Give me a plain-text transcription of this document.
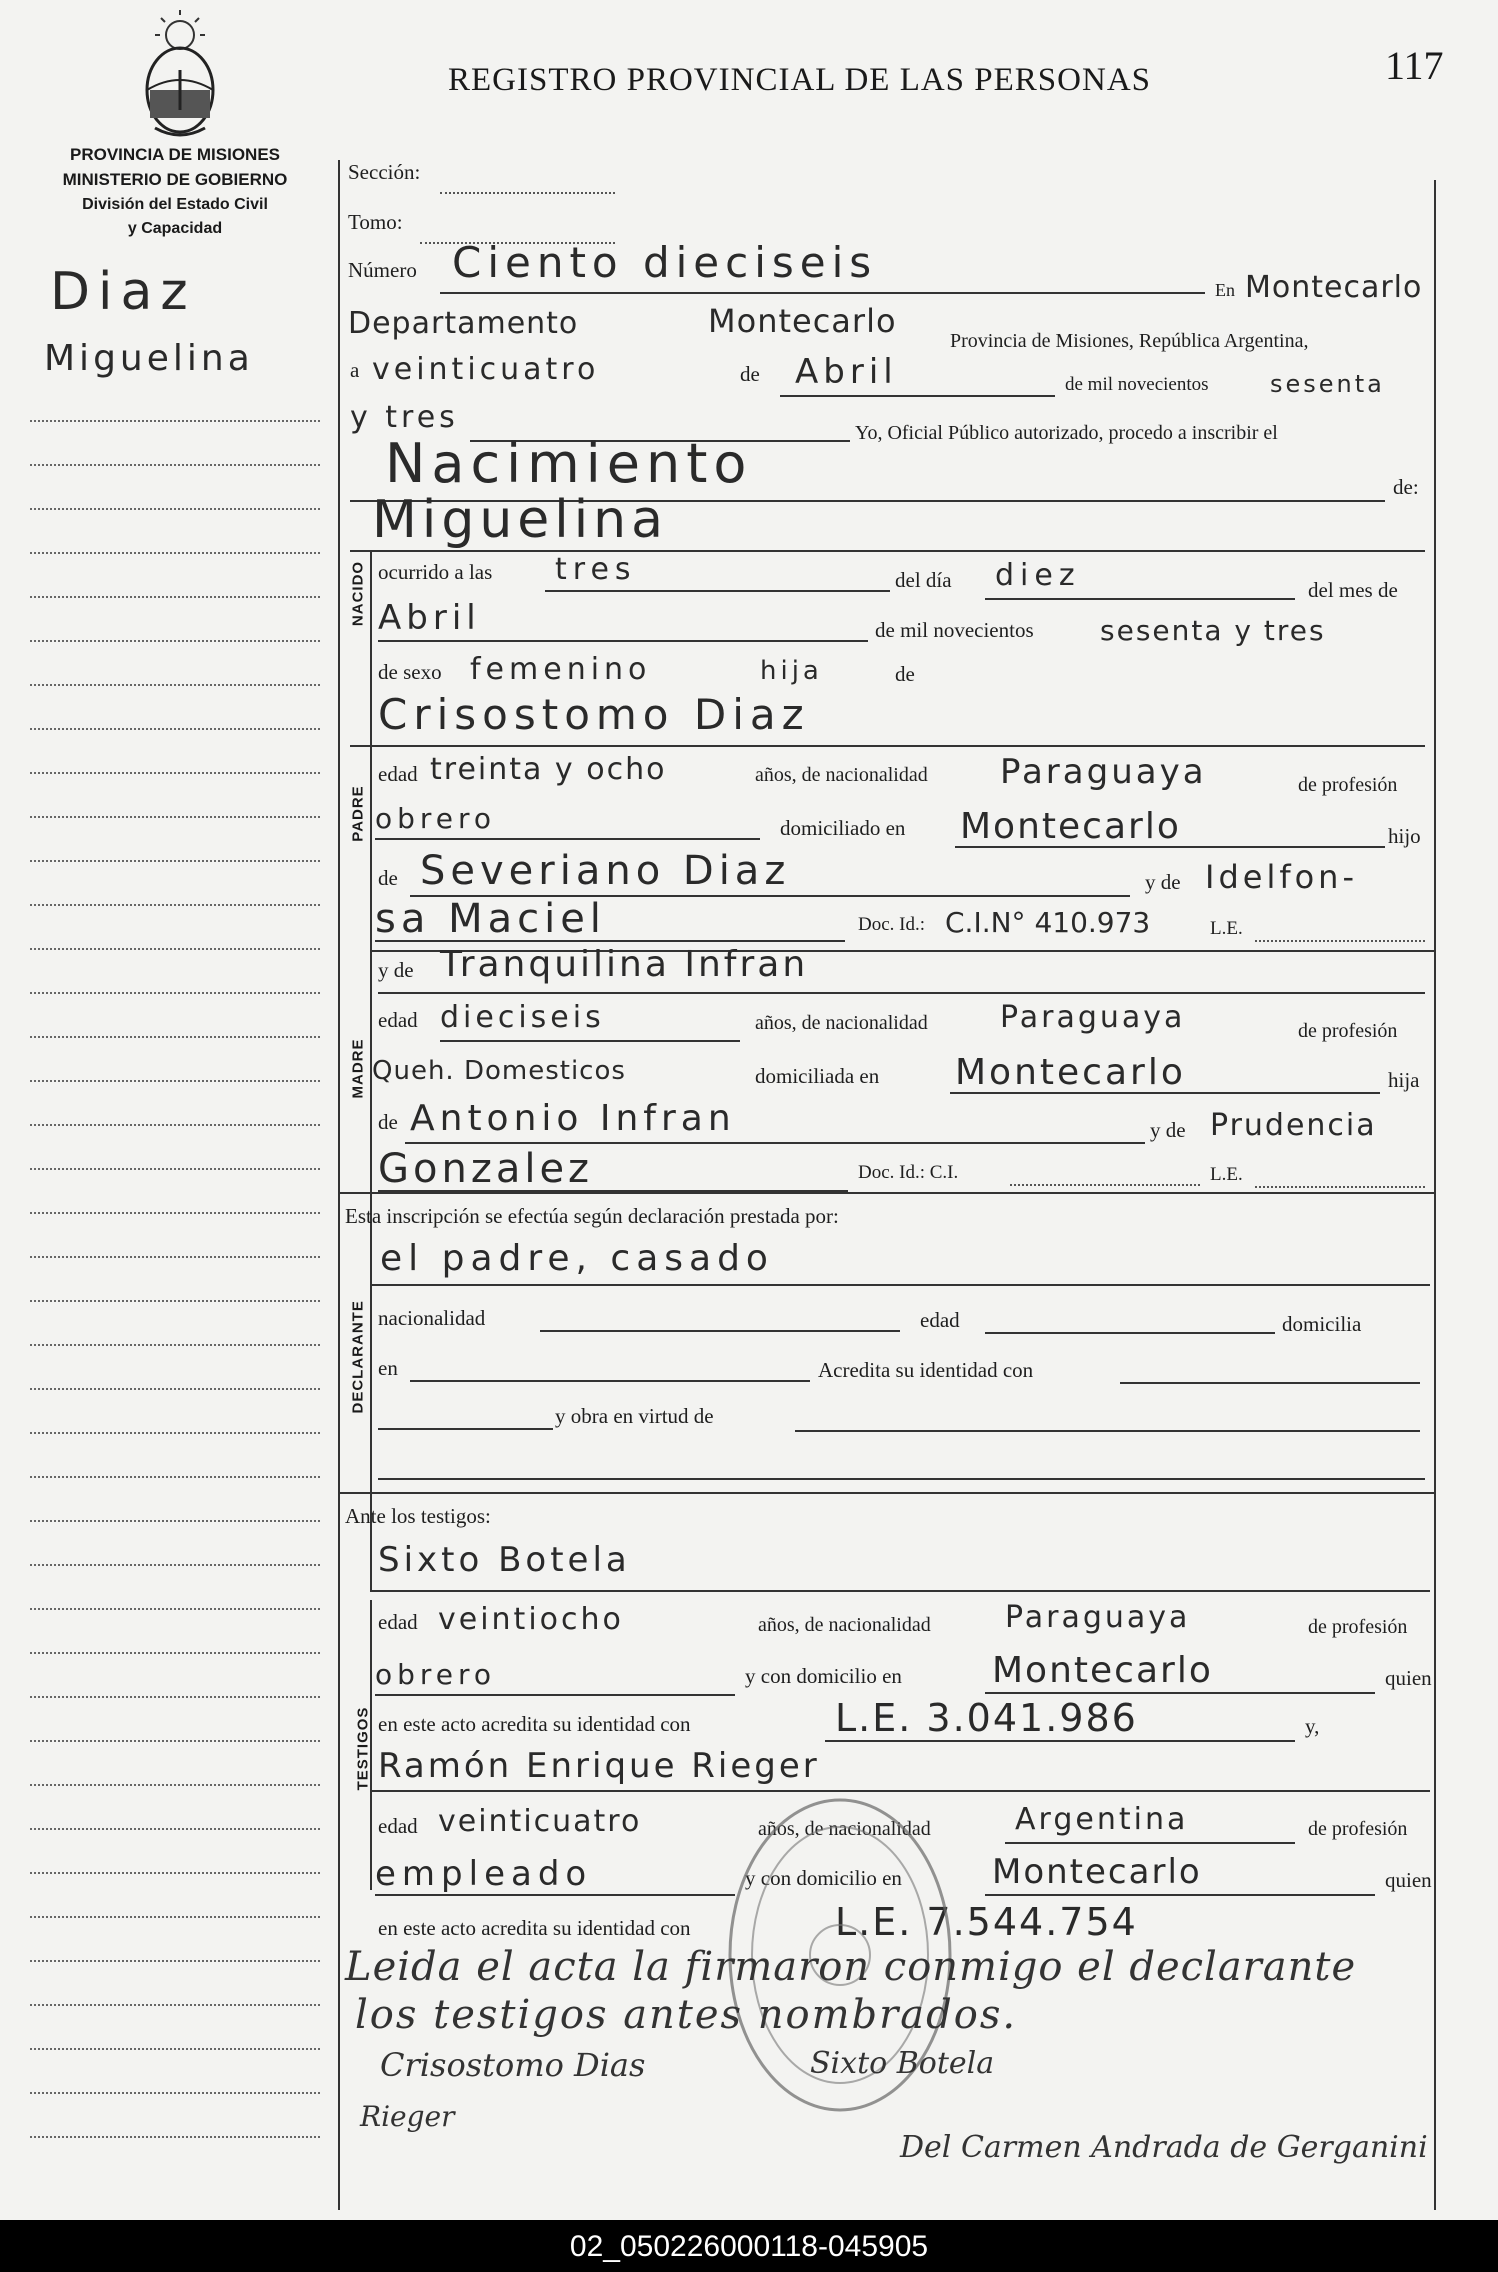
REGISTRO PROVINCIAL DE LAS PERSONAS	117
PROVINCIA DE MISIONES
MINISTERIO DE GOBIERNO
División del Estado Civil
y Capacidad
Diaz
Miguelina
Sección:
Tomo:
Número Ciento dieciseis
En Montecarlo
Departamento	Montecarlo
Provincia de Misiones, República Argentina,
a veinticuatro	de Abril	de mil novecientos	sesenta
y tres	Yo, Oficial Público autorizado, procedo a inscribir el
Nacimiento	de:
Miguelina
NACIDO ocurrido a las tres	del día diez	del mes de
Abril	de mil novecientos sesenta y tres
de sexo femenino	hija	de
Crisostomo Diaz
PADRE
edad treinta y ocho	años, de nacionalidad Paraguaya	de profesión
obrero	domiciliado en Montecarlo	hijo
de Severiano Diaz	y de Idelfon-
sa Maciel	Doc. Id.: C.I.N° 410.973	L.E.
y de Tranquilina Infran
MADRE
edad dieciseis	años, de nacionalidad Paraguaya	de profesión
Queh. Domesticos	domiciliada en Montecarlo	hija
de Antonio Infran	y de Prudencia
Gonzalez	Doc. Id.: C.I.	L.E.
Esta inscripción se efectúa según declaración prestada por:
el padre, casado
DECLARANTE nacionalidad	edad	domicilia
en	Acredita su identidad con
y obra en virtud de
Ante los testigos:
Sixto Botela
TESTIGOS
edad veintiocho	años, de nacionalidad Paraguaya	de profesión
obrero	y con domicilio en	Montecarlo	quien
en este acto acredita su identidad con	L.E. 3.041.986	y,
Ramón Enrique Rieger
edad veinticuatro	años, de nacionalidad	Argentina	de profesión
empleado	y con domicilio en	Montecarlo	quien
en este acto acredita su identidad con	L.E. 7.544.754
Leida el acta la firmaron conmigo el declarante
los testigos antes nombrados.
Crisostomo Dias	Sixto Botela
Rieger
Del Carmen Andrada de Gerganini
02_050226000118-045905
